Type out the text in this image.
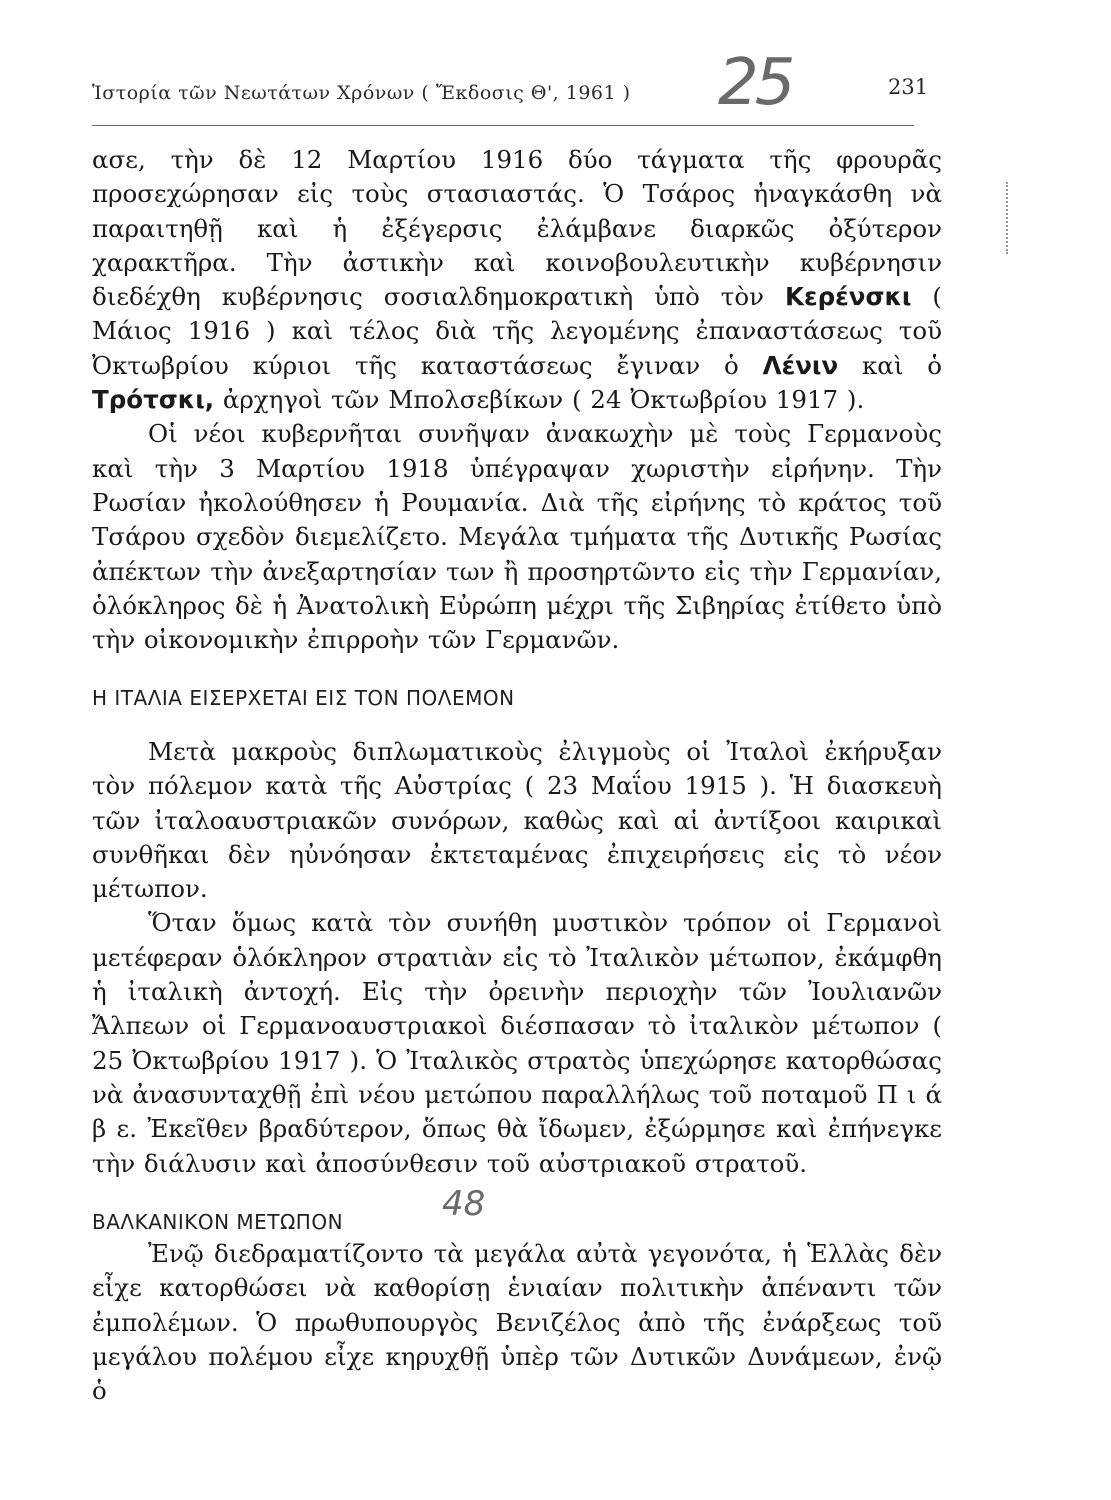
Ἱστορία τῶν Νεωτάτων Χρόνων ( Ἔκδοσις Θ', 1961 ) 25	231

ασε, τὴν δὲ 12 Μαρτίου 1916 δύο τάγματα τῆς φρουρᾶς προσεχώρησαν εἰς τοὺς στασιαστάς. Ὁ Τσάρος ἠναγκάσθη νὰ παραιτηθῇ καὶ ἡ ἐξέγερσις ἐλάμβανε διαρκῶς ὀξύτερον χαρακτῆρα. Τὴν ἀστικὴν καὶ κοινοβουλευτικὴν κυβέρνησιν διεδέχθη κυβέρνησις σοσιαλδημοκρατικὴ ὑπὸ τὸν Κερένσκι ( Μάιος 1916 ) καὶ τέλος διὰ τῆς λεγομένης ἐπαναστάσεως τοῦ Ὀκτωβρίου κύριοι τῆς καταστάσεως ἔγιναν ὁ Λένιν καὶ ὁ Τρότσκι, ἀρχηγοὶ τῶν Μπολσεβίκων ( 24 Ὀκτωβρίου 1917 ).

Οἱ νέοι κυβερνῆται συνῆψαν ἀνακωχὴν μὲ τοὺς Γερμανοὺς καὶ τὴν 3 Μαρτίου 1918 ὑπέγραψαν χωριστὴν εἰρήνην. Τὴν Ρωσίαν ἠκολούθησεν ἡ Ρουμανία. Διὰ τῆς εἰρήνης τὸ κράτος τοῦ Τσάρου σχεδὸν διεμελίζετο. Μεγάλα τμήματα τῆς Δυτικῆς Ρωσίας ἀπέκτων τὴν ἀνεξαρτησίαν των ἢ προσηρτῶντο εἰς τὴν Γερμανίαν, ὁλόκληρος δὲ ἡ Ἀνατολικὴ Εὐρώπη μέχρι τῆς Σιβηρίας ἐτίθετο ὑπὸ τὴν οἰκονομικὴν ἐπιρροὴν τῶν Γερμανῶν.

Η ΙΤΑΛΙΑ ΕΙΣΕΡΧΕΤΑΙ ΕΙΣ ΤΟΝ ΠΟΛΕΜΟΝ

Μετὰ μακροὺς διπλωματικοὺς ἐλιγμοὺς οἱ Ἰταλοὶ ἐκήρυξαν τὸν πόλεμον κατὰ τῆς Αὐστρίας ( 23 Μαΐου 1915 ). Ἡ διασκευὴ τῶν ἰταλοαυστριακῶν συνόρων, καθὼς καὶ αἱ ἀντίξοοι καιρικαὶ συνθῆκαι δὲν ηὐνόησαν ἐκτεταμένας ἐπιχειρήσεις εἰς τὸ νέον μέτωπον.

Ὅταν ὅμως κατὰ τὸν συνήθη μυστικὸν τρόπον οἱ Γερμανοὶ μετέφεραν ὁλόκληρον στρατιὰν εἰς τὸ Ἰταλικὸν μέτωπον, ἐκάμφθη ἡ ἰταλικὴ ἀντοχή. Εἰς τὴν ὀρεινὴν περιοχὴν τῶν Ἰουλιανῶν Ἄλπεων οἱ Γερμανοαυστριακοὶ διέσπασαν τὸ ἰταλικὸν μέτωπον ( 25 Ὀκτωβρίου 1917 ). Ὁ Ἰταλικὸς στρατὸς ὑπεχώρησε κατορθώσας νὰ ἀνασυνταχθῇ ἐπὶ νέου μετώπου παραλλήλως τοῦ ποταμοῦ Π ι ά β ε. Ἐκεῖθεν βραδύτερον, ὅπως θὰ ἴδωμεν, ἐξώρμησε καὶ ἐπήνεγκε τὴν διάλυσιν καὶ ἀποσύνθεσιν τοῦ αὐστριακοῦ στρατοῦ.

ΒΑΛΚΑΝΙΚΟΝ ΜΕΤΩΠΟΝ	48

Ἐνῷ διεδραματίζοντο τὰ μεγάλα αὐτὰ γεγονότα, ἡ Ἑλλὰς δὲν εἶχε κατορθώσει νὰ καθορίσῃ ἑνιαίαν πολιτικὴν ἀπέναντι τῶν ἐμπολέμων. Ὁ πρωθυπουργὸς Βενιζέλος ἀπὸ τῆς ἐνάρξεως τοῦ μεγάλου πολέμου εἶχε κηρυχθῇ ὑπὲρ τῶν Δυτικῶν Δυνάμεων, ἐνῷ ὁ
